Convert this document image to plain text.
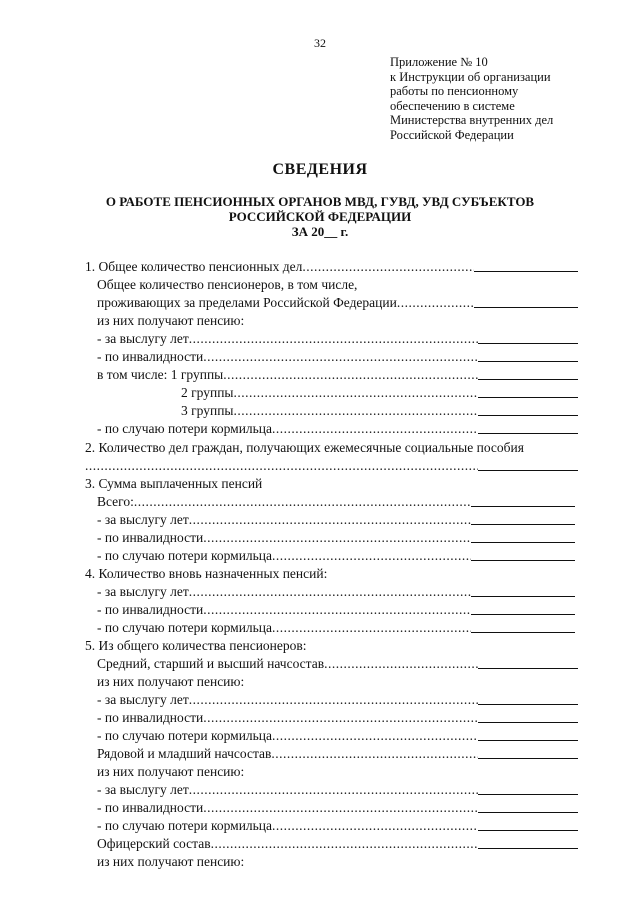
32
Приложение № 10
к Инструкции об организации
работы по пенсионному
обеспечению в системе
Министерства внутренних дел
Российской Федерации
СВЕДЕНИЯ
О РАБОТЕ ПЕНСИОННЫХ ОРГАНОВ МВД, ГУВД, УВД СУБЪЕКТОВ
РОССИЙСКОЙ ФЕДЕРАЦИИ
ЗА 20__ г.
1. Общее количество пенсионных дел
.....
Общее количество пенсионеров, в том числе,
проживающих за пределами Российской Федерации
.....
из них получают пенсию:
- за выслугу лет
.....
- по инвалидности
.....
в том числе: 1 группы
.....
2 группы
.....
3 группы
.....
- по случаю потери кормильца
.....
2. Количество дел граждан, получающих ежемесячные социальные пособия
.....
3. Сумма выплаченных пенсий
Всего:
.....
- за выслугу лет
.....
- по инвалидности
.....
- по случаю потери кормильца
.....
4. Количество вновь назначенных пенсий:
- за выслугу лет
.....
- по инвалидности
.....
- по случаю потери кормильца
.....
5. Из общего количества пенсионеров:
Средний, старший и высший начсостав
.....
из них получают пенсию:
- за выслугу лет
.....
- по инвалидности
.....
- по случаю потери кормильца
.....
Рядовой и младший начсостав
.....
из них получают пенсию:
- за выслугу лет
.....
- по инвалидности
.....
- по случаю потери кормильца
.....
Офицерский состав
.....
из них получают пенсию:
